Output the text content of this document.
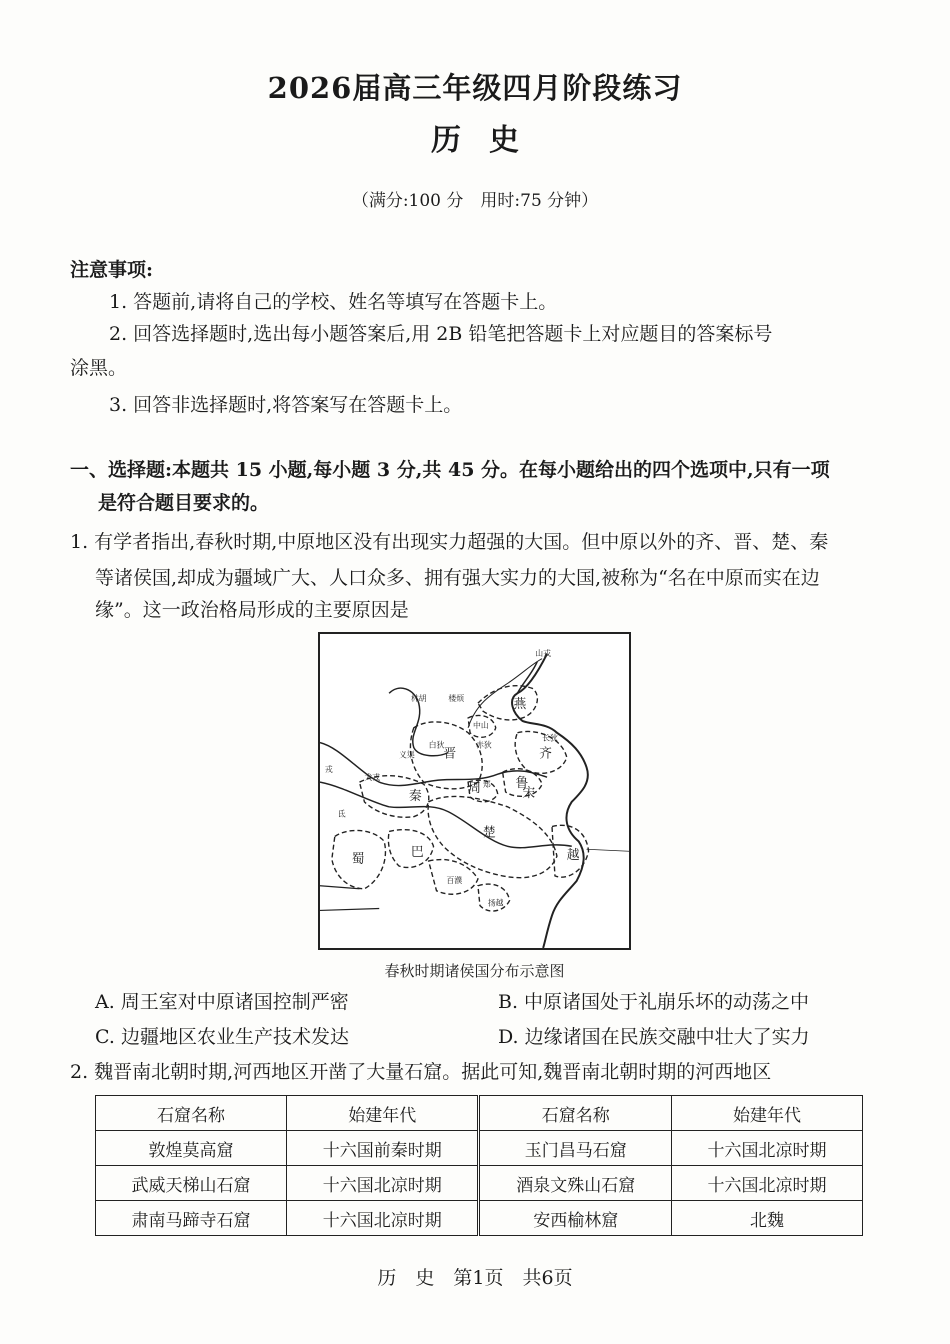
2026届高三年级四月阶段练习
历史
（满分:100 分　用时:75 分钟）
注意事项:
1. 答题前,请将自己的学校、姓名等填写在答题卡上。
2. 回答选择题时,选出每小题答案后,用 2B 铅笔把答题卡上对应题目的答案标号
涂黑。
3. 回答非选择题时,将答案写在答题卡上。
一、选择题:本题共 15 小题,每小题 3 分,共 45 分。在每小题给出的四个选项中,只有一项
是符合题目要求的。
1. 有学者指出,春秋时期,中原地区没有出现实力超强的大国。但中原以外的齐、晋、楚、秦
等诸侯国,却成为疆域广大、人口众多、拥有强大实力的大国,被称为“名在中原而实在边
缘”。这一政治格局形成的主要原因是
山戎
燕
林胡	楼烦
中山
白狄	赤狄
晋
长狄
齐
义渠
犬戎
戎
秦
周 郑 鲁
宋
氐
楚
蜀	巴
百濮
越
扬越
春秋时期诸侯国分布示意图
A. 周王室对中原诸国控制严密	B. 中原诸国处于礼崩乐坏的动荡之中
C. 边疆地区农业生产技术发达	D. 边缘诸国在民族交融中壮大了实力
2. 魏晋南北朝时期,河西地区开凿了大量石窟。据此可知,魏晋南北朝时期的河西地区
石窟名称	始建年代	石窟名称	始建年代
敦煌莫高窟	十六国前秦时期	玉门昌马石窟	十六国北凉时期
武威天梯山石窟	十六国北凉时期	酒泉文殊山石窟	十六国北凉时期
肃南马蹄寺石窟	十六国北凉时期	安西榆林窟	北魏
历　史　第1页　共6页
